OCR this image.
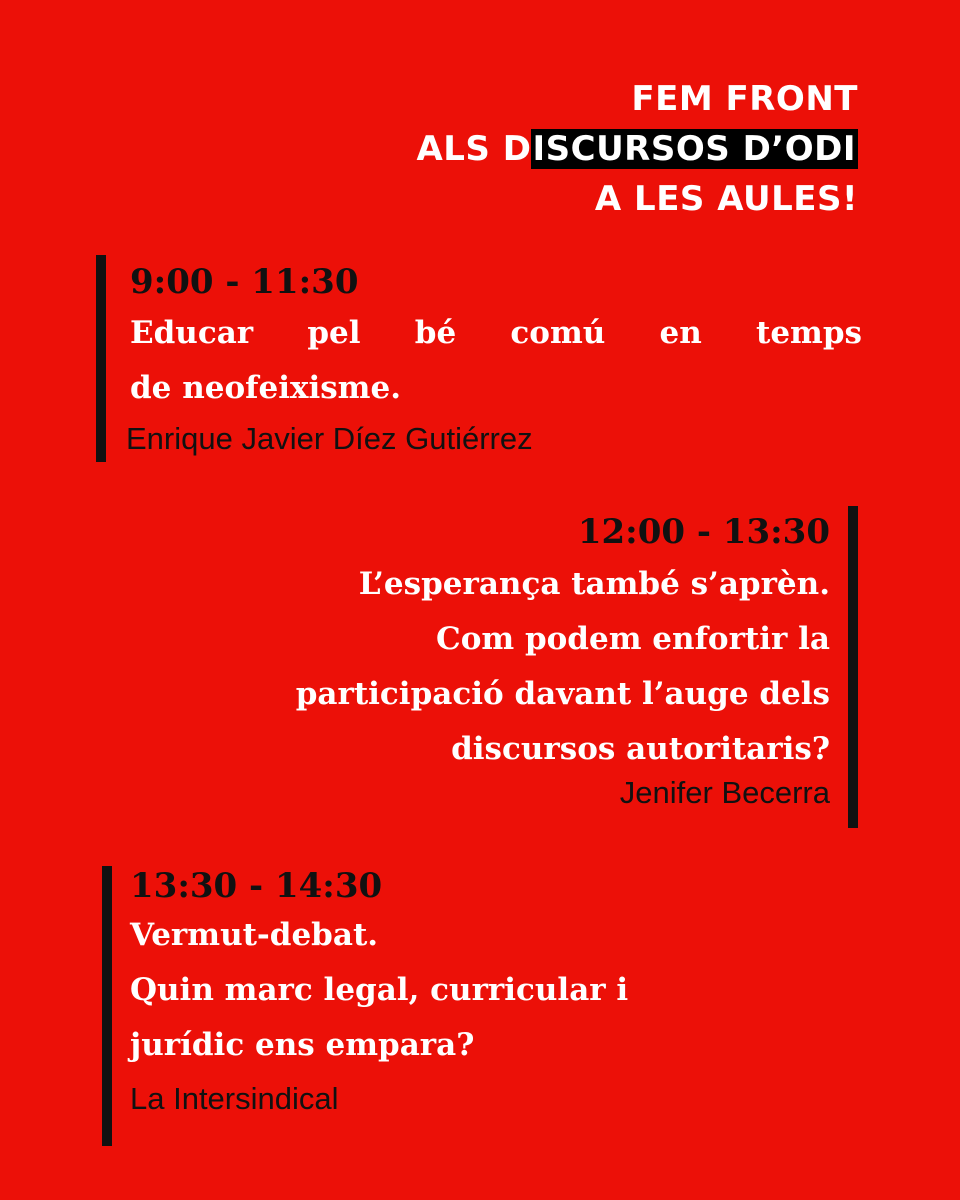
FEM FRONT
ALS DISCURSOS D’ODI
A LES AULES!
9:00 - 11:30
Educar pel bé comú en temps
de neofeixisme.
Enrique Javier Díez Gutiérrez
12:00 - 13:30
L’esperança també s’aprèn.
Com podem enfortir la
participació davant l’auge dels
discursos autoritaris?
Jenifer Becerra
13:30 - 14:30
Vermut-debat.
Quin marc legal, curricular i
jurídic ens empara?
La Intersindical
